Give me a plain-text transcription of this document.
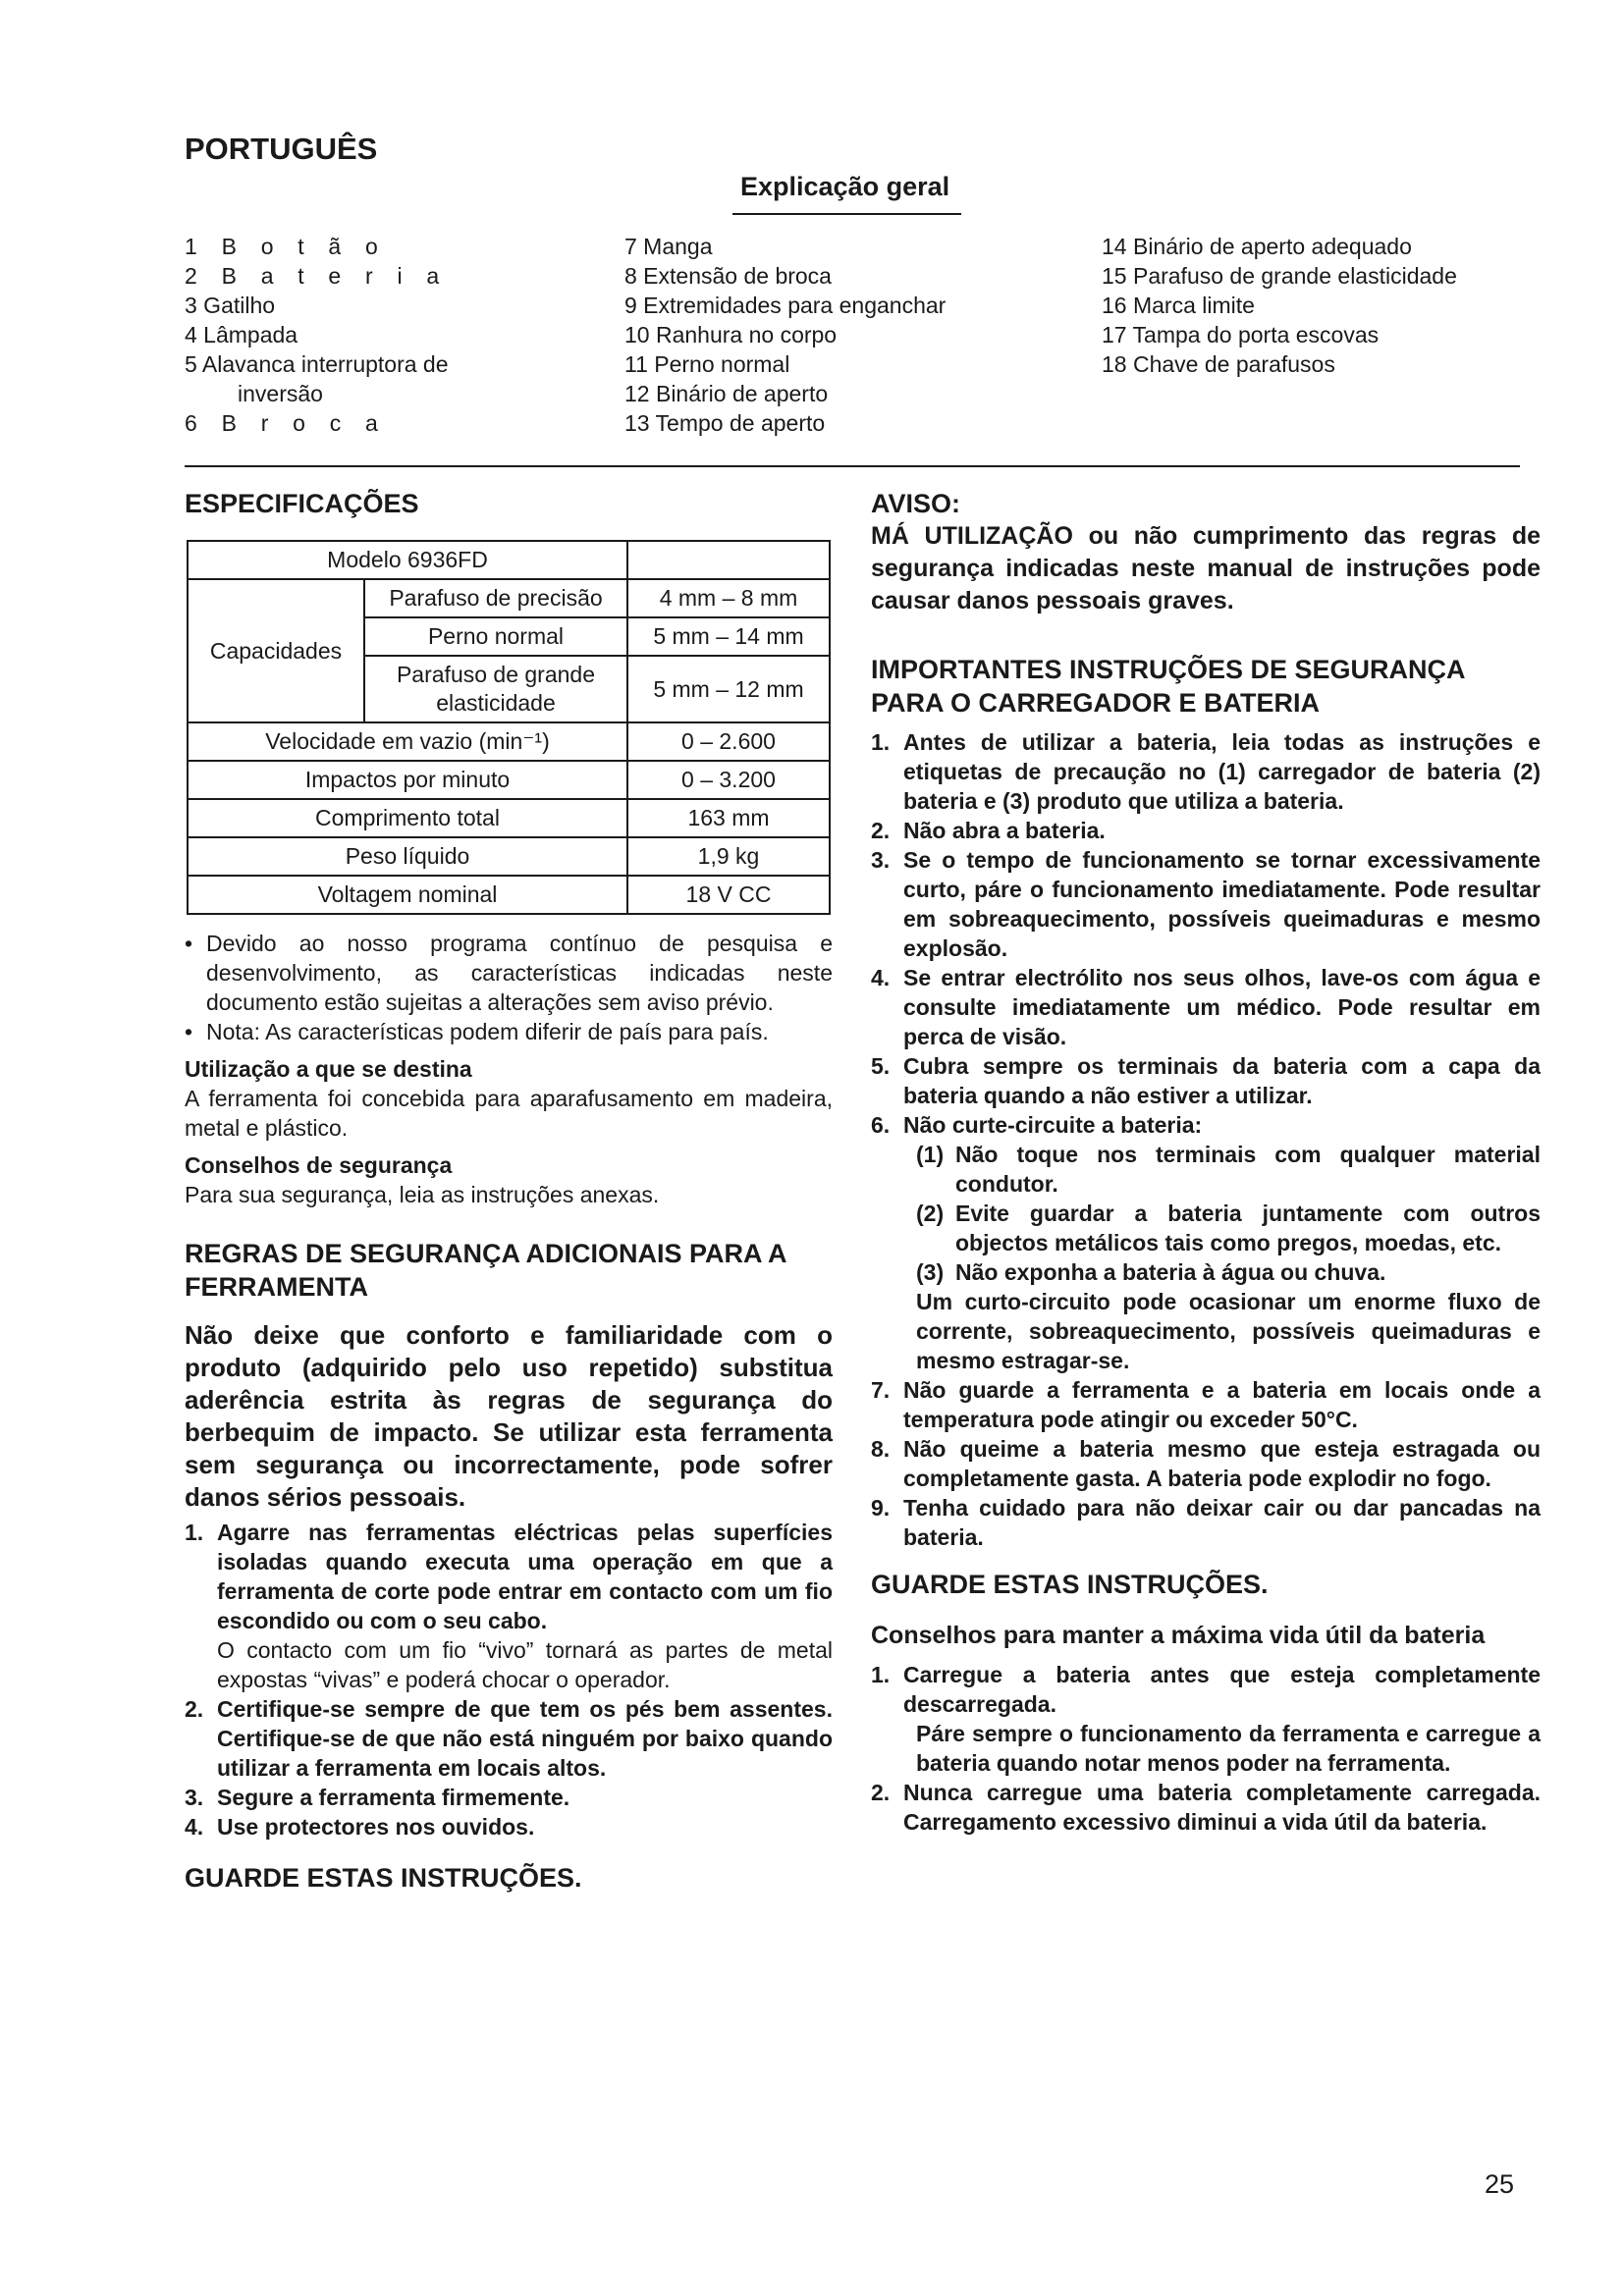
PORTUGUÊS
Explicação geral
1  B  o  t  ã  o
2  B  a  t  e  r  i  a
3 Gatilho
4 Lâmpada
5 Alavanca interruptora de
inversão
6  B  r  o  c  a
7 Manga
8 Extensão de broca
9 Extremidades para enganchar
10 Ranhura no corpo
11 Perno normal
12 Binário de aperto
13 Tempo de aperto
14 Binário de aperto adequado
15 Parafuso de grande elasticidade
16 Marca limite
17 Tampa do porta escovas
18 Chave de parafusos
ESPECIFICAÇÕES
Modelo 6936FD		
Capacidades	Parafuso de precisão	4 mm – 8 mm
	Perno normal	5 mm – 14 mm
	Parafuso de grande elasticidade	5 mm – 12 mm
Velocidade em vazio (min⁻¹)		0 – 2.600
Impactos por minuto		0 – 3.200
Comprimento total		163 mm
Peso líquido		1,9 kg
Voltagem nominal		18 V CC
• Devido ao nosso programa contínuo de pesquisa e desenvolvimento, as características indicadas neste documento estão sujeitas a alterações sem aviso prévio.
• Nota: As características podem diferir de país para país.
Utilização a que se destina
A ferramenta foi concebida para aparafusamento em madeira, metal e plástico.
Conselhos de segurança
Para sua segurança, leia as instruções anexas.
REGRAS DE SEGURANÇA ADICIONAIS PARA A FERRAMENTA
Não deixe que conforto e familiaridade com o produto (adquirido pelo uso repetido) substitua aderência estrita às regras de segurança do berbequim de impacto. Se utilizar esta ferramenta sem segurança ou incorrectamente, pode sofrer danos sérios pessoais.
1. Agarre nas ferramentas eléctricas pelas superfícies isoladas quando executa uma operação em que a ferramenta de corte pode entrar em contacto com um fio escondido ou com o seu cabo.
O contacto com um fio “vivo” tornará as partes de metal expostas “vivas” e poderá chocar o operador.
2. Certifique-se sempre de que tem os pés bem assentes. Certifique-se de que não está ninguém por baixo quando utilizar a ferramenta em locais altos.
3. Segure a ferramenta firmemente.
4. Use protectores nos ouvidos.
GUARDE ESTAS INSTRUÇÕES.
AVISO:
MÁ UTILIZAÇÃO ou não cumprimento das regras de segurança indicadas neste manual de instruções pode causar danos pessoais graves.
IMPORTANTES INSTRUÇÕES DE SEGURANÇA PARA O CARREGADOR E BATERIA
1. Antes de utilizar a bateria, leia todas as instruções e etiquetas de precaução no (1) carregador de bateria (2) bateria e (3) produto que utiliza a bateria.
2. Não abra a bateria.
3. Se o tempo de funcionamento se tornar excessivamente curto, páre o funcionamento imediatamente. Pode resultar em sobreaquecimento, possíveis queimaduras e mesmo explosão.
4. Se entrar electrólito nos seus olhos, lave-os com água e consulte imediatamente um médico. Pode resultar em perca de visão.
5. Cubra sempre os terminais da bateria com a capa da bateria quando a não estiver a utilizar.
6. Não curte-circuite a bateria:
(1) Não toque nos terminais com qualquer material condutor.
(2) Evite guardar a bateria juntamente com outros objectos metálicos tais como pregos, moedas, etc.
(3) Não exponha a bateria à água ou chuva.
Um curto-circuito pode ocasionar um enorme fluxo de corrente, sobreaquecimento, possíveis queimaduras e mesmo estragar-se.
7. Não guarde a ferramenta e a bateria em locais onde a temperatura pode atingir ou exceder 50°C.
8. Não queime a bateria mesmo que esteja estragada ou completamente gasta. A bateria pode explodir no fogo.
9. Tenha cuidado para não deixar cair ou dar pancadas na bateria.
GUARDE ESTAS INSTRUÇÕES.
Conselhos para manter a máxima vida útil da bateria
1. Carregue a bateria antes que esteja completamente descarregada.
Páre sempre o funcionamento da ferramenta e carregue a bateria quando notar menos poder na ferramenta.
2. Nunca carregue uma bateria completamente carregada. Carregamento excessivo diminui a vida útil da bateria.
25
